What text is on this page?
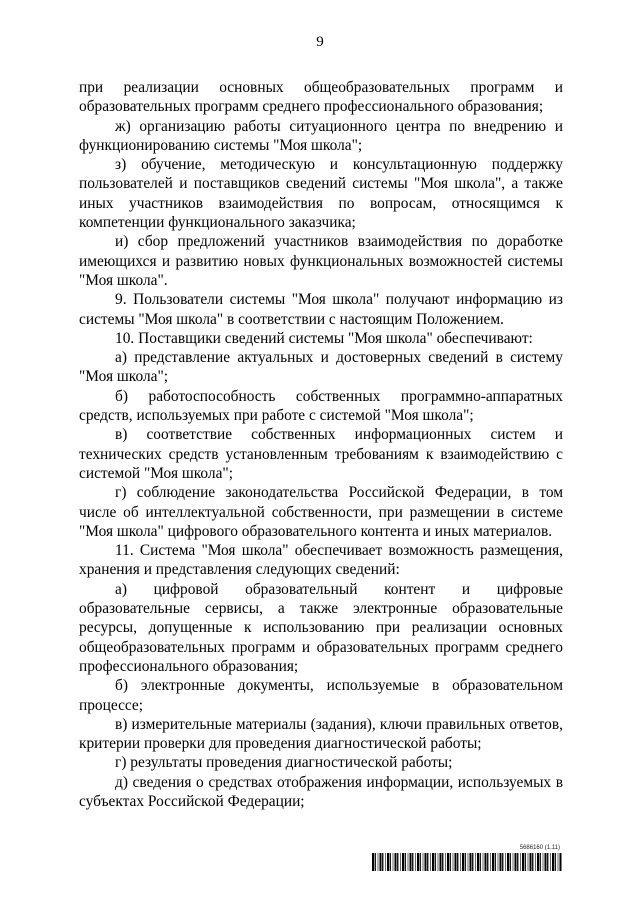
9

при реализации основных общеобразовательных программ и образовательных программ среднего профессионального образования;

ж) организацию работы ситуационного центра по внедрению и функционированию системы "Моя школа";

з) обучение, методическую и консультационную поддержку пользователей и поставщиков сведений системы "Моя школа", а также иных участников взаимодействия по вопросам, относящимся к компетенции функционального заказчика;

и) сбор предложений участников взаимодействия по доработке имеющихся и развитию новых функциональных возможностей системы "Моя школа".

9. Пользователи системы "Моя школа" получают информацию из системы "Моя школа" в соответствии с настоящим Положением.

10. Поставщики сведений системы "Моя школа" обеспечивают:

а) представление актуальных и достоверных сведений в систему "Моя школа";

б) работоспособность собственных программно-аппаратных средств, используемых при работе с системой "Моя школа";

в) соответствие собственных информационных систем и технических средств установленным требованиям к взаимодействию с системой "Моя школа";

г) соблюдение законодательства Российской Федерации, в том числе об интеллектуальной собственности, при размещении в системе "Моя школа" цифрового образовательного контента и иных материалов.

11. Система "Моя школа" обеспечивает возможность размещения, хранения и представления следующих сведений:

а) цифровой образовательный контент и цифровые образовательные сервисы, а также электронные образовательные ресурсы, допущенные к использованию при реализации основных общеобразовательных программ и образовательных программ среднего профессионального образования;

б) электронные документы, используемые в образовательном процессе;

в) измерительные материалы (задания), ключи правильных ответов, критерии проверки для проведения диагностической работы;

г) результаты проведения диагностической работы;

д) сведения о средствах отображения информации, используемых в субъектах Российской Федерации;

5686160 (1.11)
